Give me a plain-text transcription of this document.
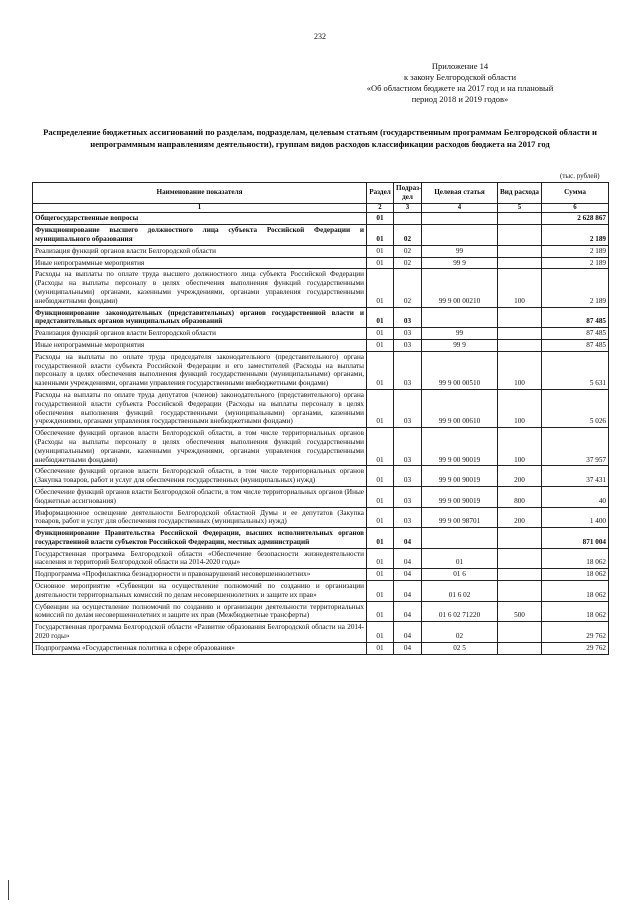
232
Приложение 14
к закону Белгородской области
«Об областном бюджете на 2017 год и на плановый
период 2018 и 2019 годов»
Распределение бюджетных ассигнований по разделам, подразделам, целевым статьям (государственным программам Белгородской области и непрограммным направлениям деятельности), группам видов расходов классификации расходов бюджета на 2017 год
(тыс. рублей)
Наименование показателя	Раздел	Подраз-дел	Целевая статья	Вид расхода	Сумма
1	2	3	4	5	6
Общегосударственные вопросы	01				2 628 867
Функционирование высшего должностного лица субъекта Российской Федерации и муниципального образования	01	02			2 189
Реализация функций органов власти Белгородской области	01	02	99		2 189
Иные непрограммные мероприятия	01	02	99 9		2 189
Расходы на выплаты по оплате труда высшего должностного лица субъекта Российской Федерации (Расходы на выплаты персоналу в целях обеспечения выполнения функций государственными (муниципальными) органами, казенными учреждениями, органами управления государственными внебюджетными фондами)	01	02	99 9 00 00210	100	2 189
Функционирование законодательных (представительных) органов государственной власти и представительных органов муниципальных образований	01	03			87 485
Реализация функций органов власти Белгородской области	01	03	99		87 485
Иные непрограммные мероприятия	01	03	99 9		87 485
Расходы на выплаты по оплате труда председателя законодательного (представительного) органа государственной власти субъекта Российской Федерации и его заместителей (Расходы на выплаты персоналу в целях обеспечения выполнения функций государственными (муниципальными) органами, казенными учреждениями, органами управления государственными внебюджетными фондами)	01	03	99 9 00 00510	100	5 631
Расходы на выплаты по оплате труда депутатов (членов) законодательного (представительного) органа государственной власти субъекта Российской Федерации (Расходы на выплаты персоналу в целях обеспечения выполнения функций государственными (муниципальными) органами, казенными учреждениями, органами управления государственными внебюджетными фондами)	01	03	99 9 00 00610	100	5 026
Обеспечение функций органов власти Белгородской области, в том числе территориальных органов (Расходы на выплаты персоналу в целях обеспечения выполнения функций государственными (муниципальными) органами, казенными учреждениями, органами управления государственными внебюджетными фондами)	01	03	99 9 00 90019	100	37 957
Обеспечение функций органов власти Белгородской области, в том числе территориальных органов (Закупка товаров, работ и услуг для обеспечения государственных (муниципальных) нужд)	01	03	99 9 00 90019	200	37 431
Обеспечение функций органов власти Белгородской области, в том числе территориальных органов (Иные бюджетные ассигнования)	01	03	99 9 00 90019	800	40
Информационное освещение деятельности Белгородской областной Думы и ее депутатов (Закупка товаров, работ и услуг для обеспечения государственных (муниципальных) нужд)	01	03	99 9 00 98701	200	1 400
Функционирование Правительства Российской Федерации, высших исполнительных органов государственной власти субъектов Российской Федерации, местных администраций	01	04			871 004
Государственная программа Белгородской области «Обеспечение безопасности жизнедеятельности населения и территорий Белгородской области на 2014-2020 годы»	01	04	01		18 062
Подпрограмма «Профилактика безнадзорности и правонарушений несовершеннолетних»	01	04	01 6		18 062
Основное мероприятие «Субвенции на осуществление полномочий по созданию и организации деятельности территориальных комиссий по делам несовершеннолетних и защите их прав»	01	04	01 6 02		18 062
Субвенции на осуществление полномочий по созданию и организации деятельности территориальных комиссий по делам несовершеннолетних и защите их прав (Межбюджетные трансферты)	01	04	01 6 02 71220	500	18 062
Государственная программа Белгородской области «Развитие образования Белгородской области на 2014-2020 годы»	01	04	02		29 762
Подпрограмма «Государственная политика в сфере образования»	01	04	02 5		29 762
